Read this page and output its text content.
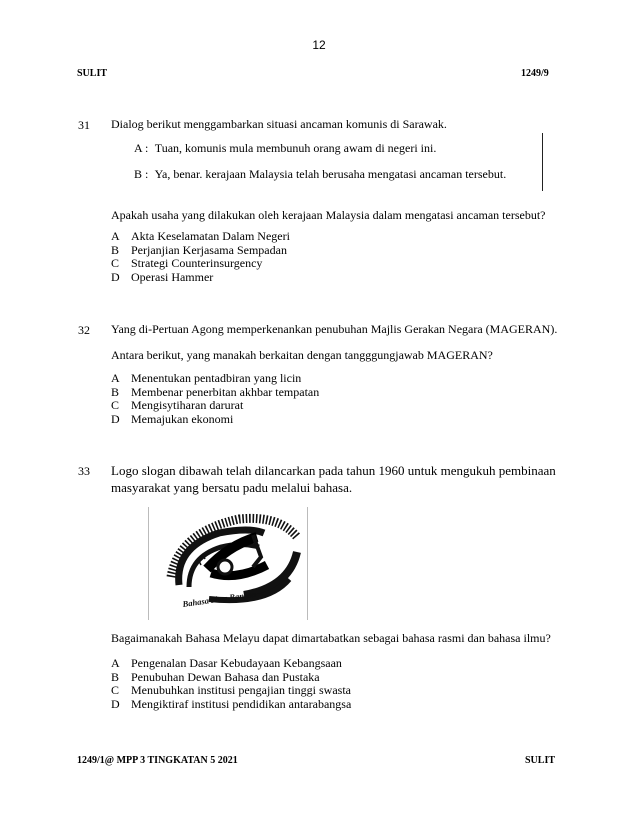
12
SULIT	1249/9
31 Dialog berikut menggambarkan situasi ancaman komunis di Sarawak.
A : Tuan, komunis mula membunuh orang awam di negeri ini.
B : Ya, benar. kerajaan Malaysia telah berusaha mengatasi ancaman tersebut.
Apakah usaha yang dilakukan oleh kerajaan Malaysia dalam mengatasi ancaman tersebut?
A Akta Keselamatan Dalam Negeri
B Perjanjian Kerjasama Sempadan
C Strategi Counterinsurgency
D Operasi Hammer
32 Yang di-Pertuan Agong memperkenankan penubuhan Majlis Gerakan Negara (MAGERAN).
Antara berikut, yang manakah berkaitan dengan tangggungjawab MAGERAN?
A Menentukan pentadbiran yang licin
B Membenar penerbitan akhbar tempatan
C Mengisytiharan darurat
D Memajukan ekonomi
33 Logo slogan dibawah telah dilancarkan pada tahun 1960 untuk mengukuh pembinaan
masyarakat yang bersatu padu melalui bahasa.
Bahasa Jiwa Bangsa
Bagaimanakah Bahasa Melayu dapat dimartabatkan sebagai bahasa rasmi dan bahasa ilmu?
A Pengenalan Dasar Kebudayaan Kebangsaan
B Penubuhan Dewan Bahasa dan Pustaka
C Menubuhkan institusi pengajian tinggi swasta
D Mengiktiraf institusi pendidikan antarabangsa
1249/1@ MPP 3 TINGKATAN 5 2021	SULIT
